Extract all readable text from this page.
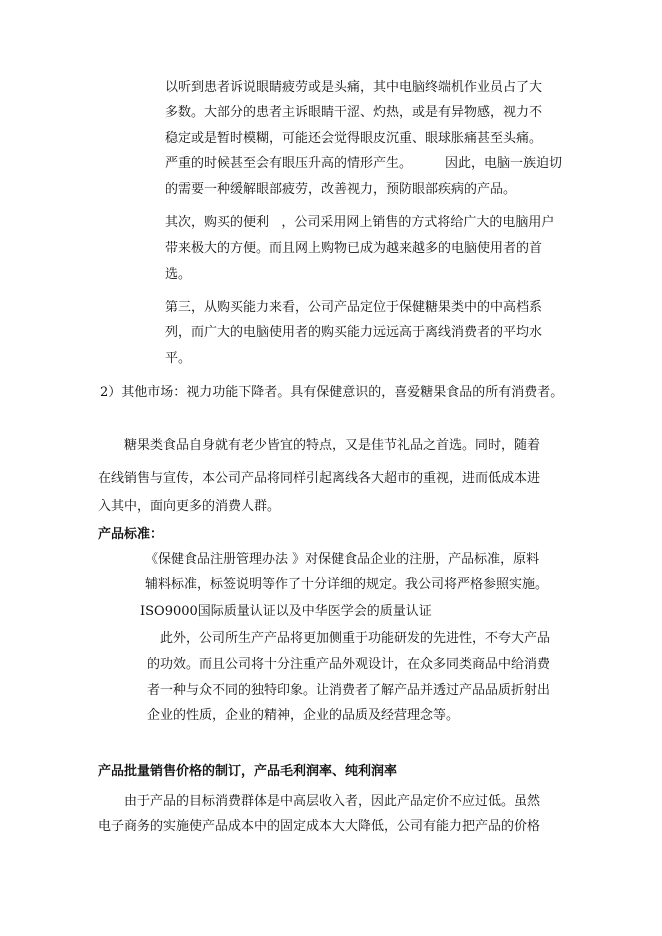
以听到患者诉说眼睛疲劳或是头痛，其中电脑终端机作业员占了大
多数。大部分的患者主诉眼睛干涩、灼热，或是有异物感，视力不
稳定或是暂时模糊，可能还会觉得眼皮沉重、眼球胀痛甚至头痛。
严重的时候甚至会有眼压升高的情形产生。        因此，电脑一族迫切
的需要一种缓解眼部疲劳，改善视力，预防眼部疾病的产品。
其次，购买的便利   ，公司采用网上销售的方式将给广大的电脑用户
带来极大的方便。而且网上购物已成为越来越多的电脑使用者的首
选。
第三，从购买能力来看，公司产品定位于保健糖果类中的中高档系
列，而广大的电脑使用者的购买能力远远高于离线消费者的平均水
平。
2）其他市场：视力功能下降者。具有保健意识的，喜爱糖果食品的所有消费者。
糖果类食品自身就有老少皆宜的特点，又是佳节礼品之首选。同时，随着
在线销售与宣传，本公司产品将同样引起离线各大超市的重视，进而低成本进
入其中，面向更多的消费人群。
产品标准：
《保健食品注册管理办法 》对保健食品企业的注册，产品标准，原料
辅料标准，标签说明等作了十分详细的规定。我公司将严格参照实施。
ISO9000国际质量认证以及中华医学会的质量认证
此外，公司所生产产品将更加侧重于功能研发的先进性，不夸大产品
的功效。而且公司将十分注重产品外观设计，在众多同类商品中给消费
者一种与众不同的独特印象。让消费者了解产品并透过产品品质折射出
企业的性质，企业的精神，企业的品质及经营理念等。
产品批量销售价格的制订，产品毛利润率、纯利润率
由于产品的目标消费群体是中高层收入者，因此产品定价不应过低。虽然
电子商务的实施使产品成本中的固定成本大大降低，公司有能力把产品的价格
